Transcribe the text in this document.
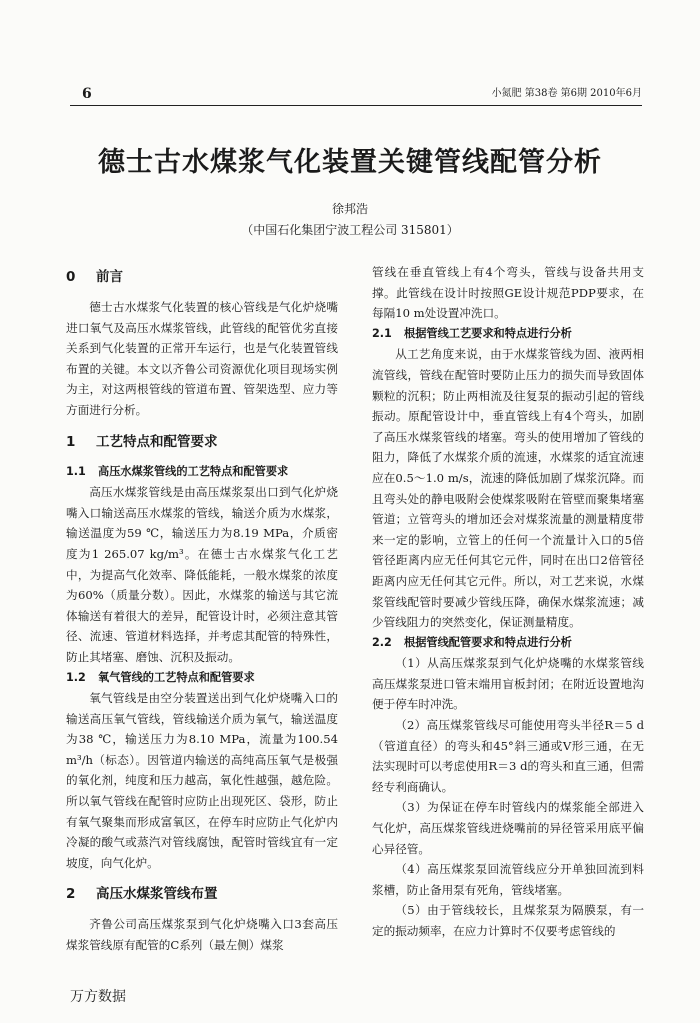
6	小氮肥 第38卷 第6期 2010年6月
德士古水煤浆气化装置关键管线配管分析
徐邦浩
（中国石化集团宁波工程公司 315801）
0 前言

德士古水煤浆气化装置的核心管线是气化炉烧嘴进口氧气及高压水煤浆管线，此管线的配管优劣直接关系到气化装置的正常开车运行，也是气化装置管线布置的关键。本文以齐鲁公司资源优化项目现场实例为主，对这两根管线的管道布置、管架选型、应力等方面进行分析。

1 工艺特点和配管要求
1.1 高压水煤浆管线的工艺特点和配管要求

高压水煤浆管线是由高压煤浆泵出口到气化炉烧嘴入口输送高压水煤浆的管线，输送介质为水煤浆，输送温度为59 ℃，输送压力为8.19 MPa，介质密度为1 265.07 kg/m³。在德士古水煤浆气化工艺中，为提高气化效率、降低能耗，一般水煤浆的浓度为60%（质量分数）。因此，水煤浆的输送与其它流体输送有着很大的差异，配管设计时，必须注意其管径、流速、管道材料选择，并考虑其配管的特殊性，防止其堵塞、磨蚀、沉积及振动。

1.2 氧气管线的工艺特点和配管要求

氧气管线是由空分装置送出到气化炉烧嘴入口的输送高压氧气管线，管线输送介质为氧气，输送温度为38 ℃，输送压力为8.10 MPa，流量为100.54 m³/h（标态）。因管道内输送的高纯高压氧气是极强的氧化剂，纯度和压力越高，氧化性越强，越危险。所以氧气管线在配管时应防止出现死区、袋形，防止有氧气聚集而形成富氧区，在停车时应防止气化炉内冷凝的酸气或蒸汽对管线腐蚀，配管时管线宜有一定坡度，向气化炉。

2 高压水煤浆管线布置

齐鲁公司高压煤浆泵到气化炉烧嘴入口3套高压煤浆管线原有配管的C系列（最左侧）煤浆

管线在垂直管线上有4个弯头，管线与设备共用支撑。此管线在设计时按照GE设计规范PDP要求，在每隔10 m处设置冲洗口。

2.1 根据管线工艺要求和特点进行分析

从工艺角度来说，由于水煤浆管线为固、液两相流管线，管线在配管时要防止压力的损失而导致固体颗粒的沉积；防止两相流及往复泵的振动引起的管线振动。原配管设计中，垂直管线上有4个弯头，加剧了高压水煤浆管线的堵塞。弯头的使用增加了管线的阻力，降低了水煤浆介质的流速，水煤浆的适宜流速应在0.5～1.0 m/s，流速的降低加剧了煤浆沉降。而且弯头处的静电吸附会使煤浆吸附在管壁而聚集堵塞管道；立管弯头的增加还会对煤浆流量的测量精度带来一定的影响，立管上的任何一个流量计入口的5倍管径距离内应无任何其它元件，同时在出口2倍管径距离内应无任何其它元件。所以，对工艺来说，水煤浆管线配管时要减少管线压降，确保水煤浆流速；减少管线阻力的突然变化，保证测量精度。

2.2 根据管线配管要求和特点进行分析

（1）从高压煤浆泵到气化炉烧嘴的水煤浆管线高压煤浆泵进口管末端用盲板封闭；在附近设置地沟便于停车时冲洗。

（2）高压煤浆管线尽可能使用弯头半径R＝5 d（管道直径）的弯头和45°斜三通或V形三通，在无法实现时可以考虑使用R＝3 d的弯头和直三通，但需经专利商确认。

（3）为保证在停车时管线内的煤浆能全部进入气化炉，高压煤浆管线进烧嘴前的异径管采用底平偏心异径管。

（4）高压煤浆泵回流管线应分开单独回流到料浆槽，防止备用泵有死角，管线堵塞。

（5）由于管线较长，且煤浆泵为隔膜泵，有一定的振动频率，在应力计算时不仅要考虑管线的

万方数据
